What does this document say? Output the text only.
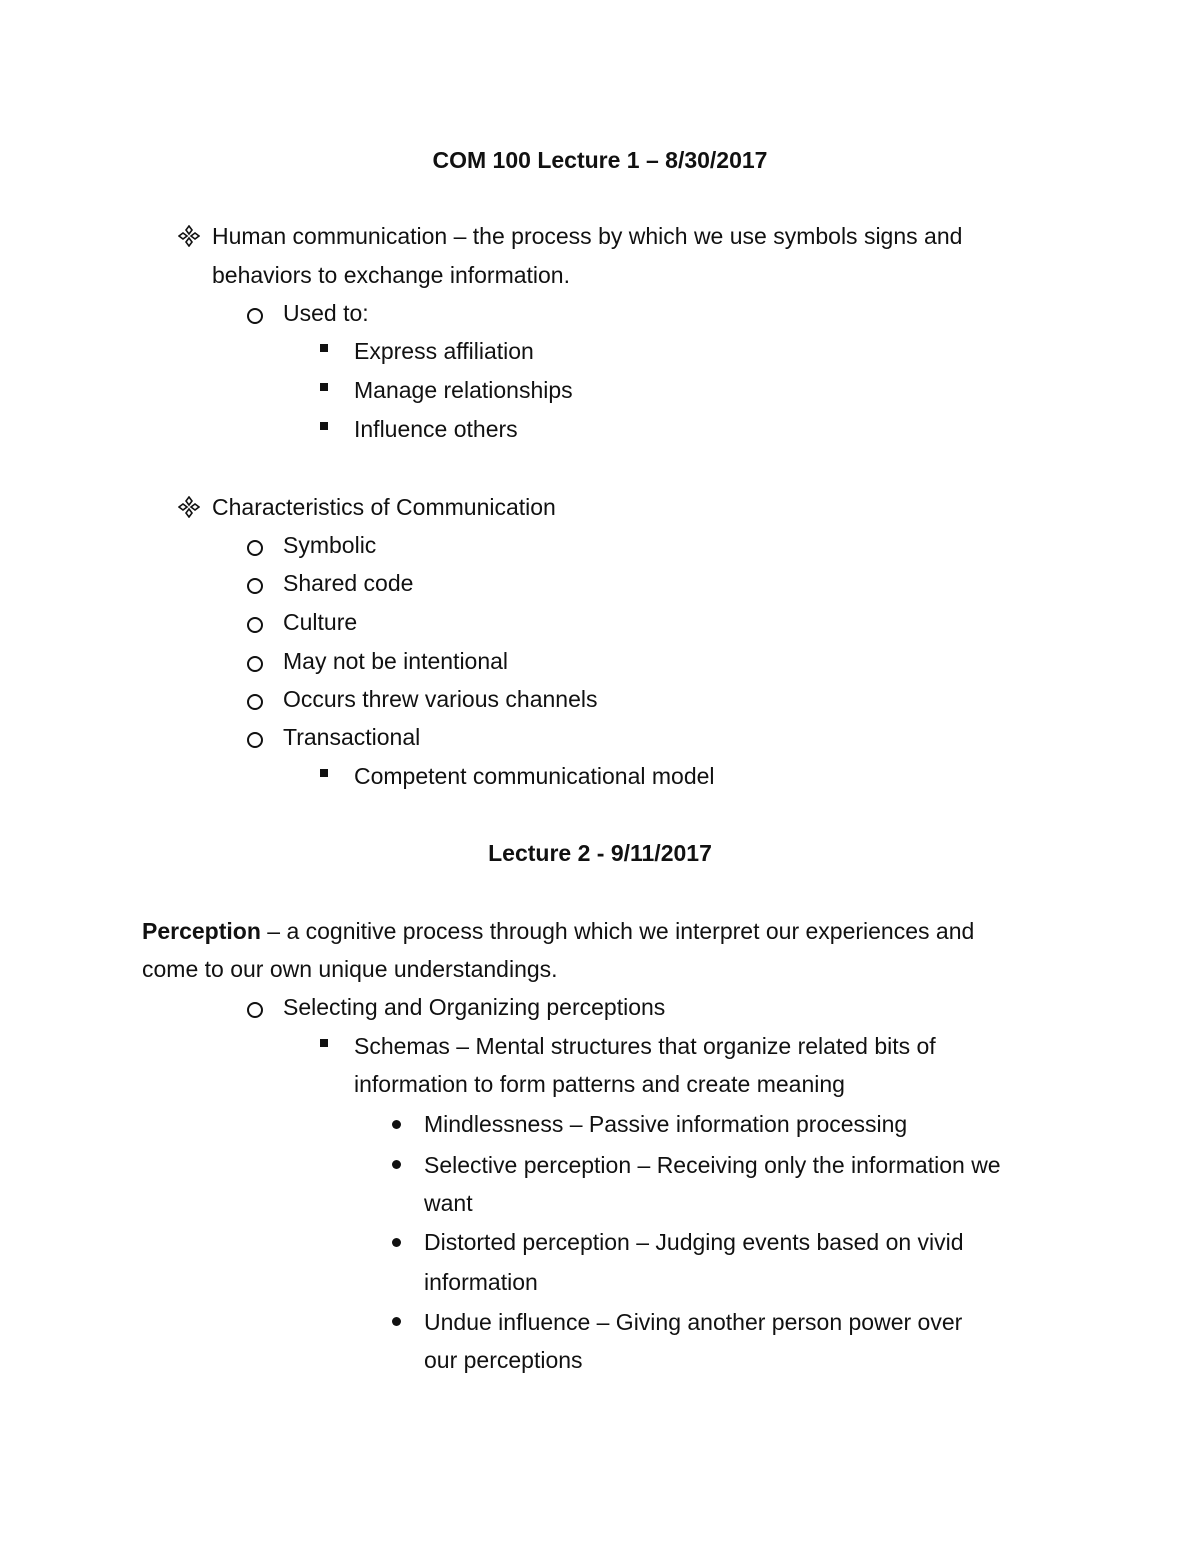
COM 100 Lecture 1 – 8/30/2017
Human communication – the process by which we use symbols signs and
behaviors to exchange information.
Used to:
Express affiliation
Manage relationships
Influence others
Characteristics of Communication
Symbolic
Shared code
Culture
May not be intentional
Occurs threw various channels
Transactional
Competent communicational model
Lecture 2 - 9/11/2017
Perception – a cognitive process through which we interpret our experiences and
come to our own unique understandings.
Selecting and Organizing perceptions
Schemas – Mental structures that organize related bits of
information to form patterns and create meaning
Mindlessness – Passive information processing
Selective perception – Receiving only the information we
want
Distorted perception – Judging events based on vivid
information
Undue influence – Giving another person power over
our perceptions
